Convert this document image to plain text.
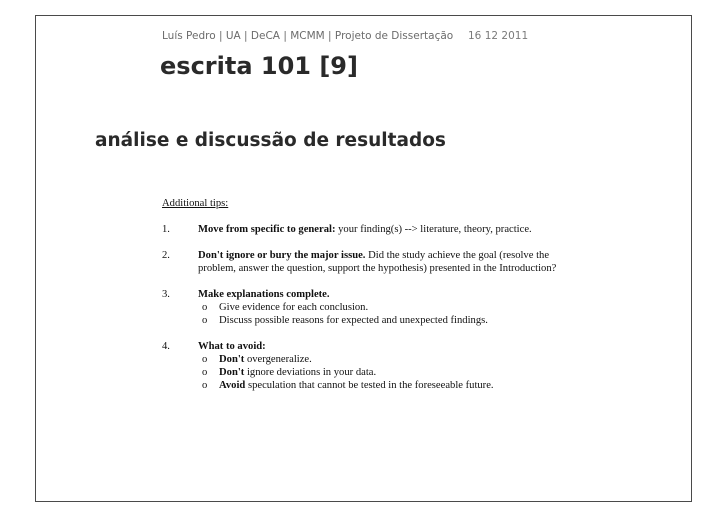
Luís Pedro | UA | DeCA | MCMM | Projeto de Dissertação 16 12 2011
escrita 101 [9]
análise e discussão de resultados
Additional tips:
1.	Move from specific to general: your finding(s) --> literature, theory, practice.
2.	Don't ignore or bury the major issue. Did the study achieve the goal (resolve the problem, answer the question, support the hypothesis) presented in the Introduction?
3.	Make explanations complete.
o	Give evidence for each conclusion.
o	Discuss possible reasons for expected and unexpected findings.
4.	What to avoid:
o	Don't overgeneralize.
o	Don't ignore deviations in your data.
o	Avoid speculation that cannot be tested in the foreseeable future.
